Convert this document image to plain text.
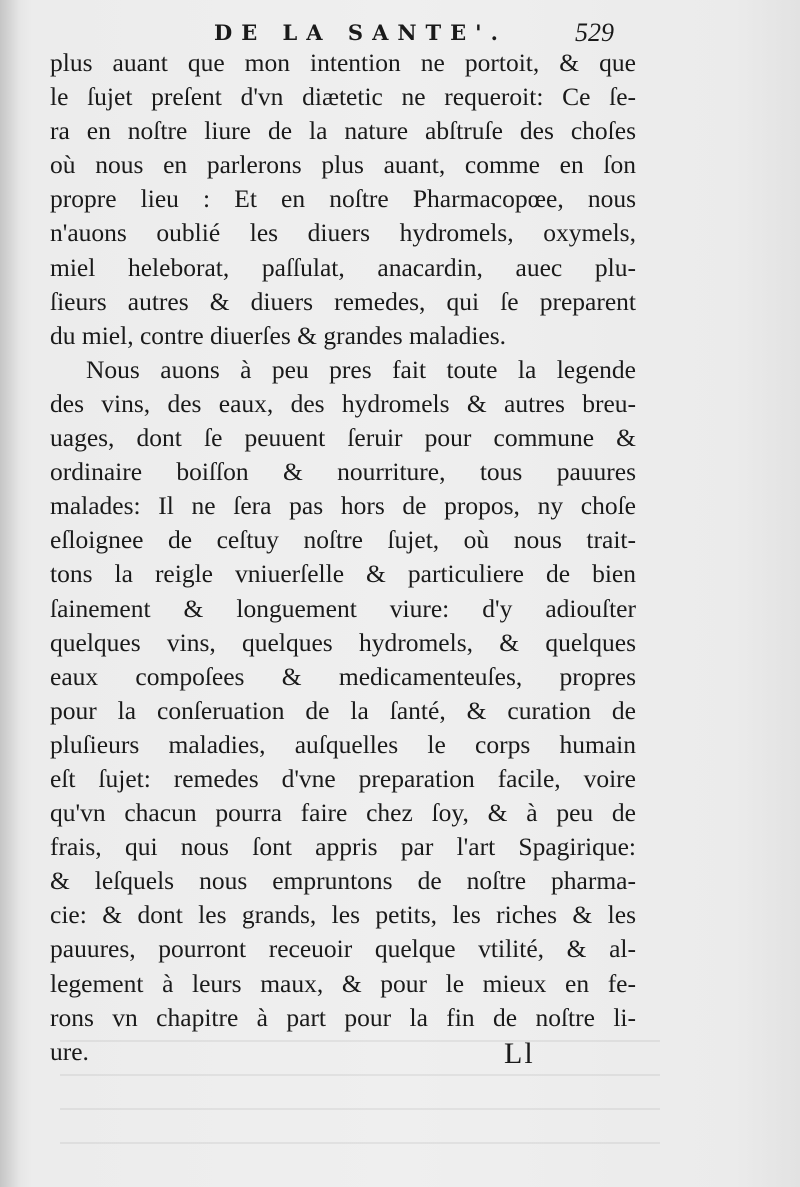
DE LA SANTE'.	529
plus auant que mon intention ne portoit, & que
le ſujet preſent d'vn diætetic ne requeroit: Ce ſe-
ra en noſtre liure de la nature abſtruſe des choſes
où nous en parlerons plus auant, comme en ſon
propre lieu : Et en noſtre Pharmacopœe, nous
n'auons oublié les diuers hydromels, oxymels,
miel heleborat, paſſulat, anacardin, auec plu-
ſieurs autres & diuers remedes, qui ſe preparent
du miel, contre diuerſes & grandes maladies.
Nous auons à peu pres fait toute la legende
des vins, des eaux, des hydromels & autres breu-
uages, dont ſe peuuent ſeruir pour commune &
ordinaire boiſſon & nourriture, tous pauures
malades: Il ne ſera pas hors de propos, ny choſe
eſloignee de ceſtuy noſtre ſujet, où nous trait-
tons la reigle vniuerſelle & particuliere de bien
ſainement & longuement viure: d'y adiouſter
quelques vins, quelques hydromels, & quelques
eaux compoſees & medicamenteuſes, propres
pour la conſeruation de la ſanté, & curation de
pluſieurs maladies, auſquelles le corps humain
eſt ſujet: remedes d'vne preparation facile, voire
qu'vn chacun pourra faire chez ſoy, & à peu de
frais, qui nous ſont appris par l'art Spagirique:
& leſquels nous empruntons de noſtre pharma-
cie: & dont les grands, les petits, les riches & les
pauures, pourront receuoir quelque vtilité, & al-
legement à leurs maux, & pour le mieux en fe-
rons vn chapitre à part pour la fin de noſtre li-
ure.	Ll
